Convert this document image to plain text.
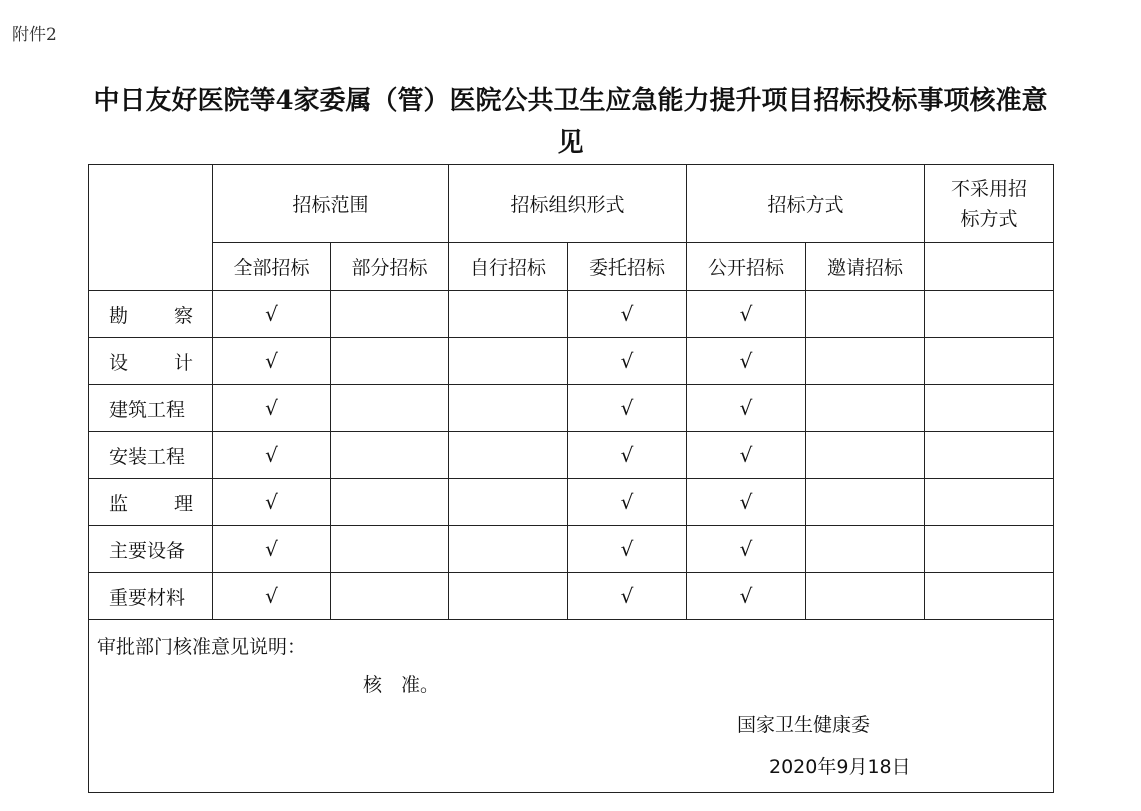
附件2
中日友好医院等4家委属（管）医院公共卫生应急能力提升项目招标投标事项核准意
见
	招标范围		招标组织形式		招标方式		不采用招
标方式
	全部招标	部分招标	自行招标	委托招标	公开招标	邀请招标	

勘 察	√			√	√		

设 计	√			√	√		
建筑工程	√			√	√		
安装工程	√			√	√		

监 理	√			√	√		
主要设备	√			√	√		
重要材料	√			√	√		

审批部门核准意见说明：
核　准。
国家卫生健康委
2020年9月18日							
